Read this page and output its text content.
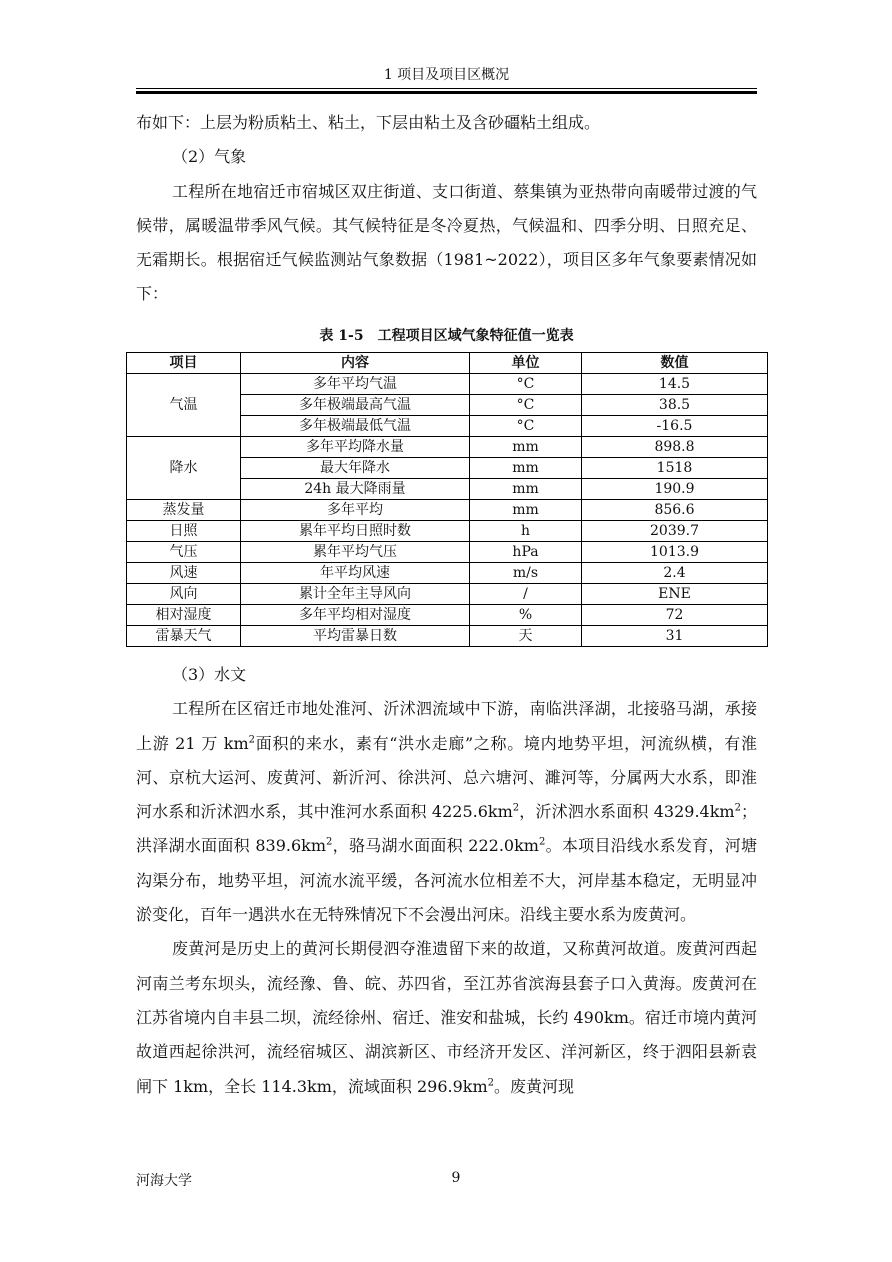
1 项目及项目区概况

布如下：上层为粉质粘土、粘土，下层由粘土及含砂礓粘土组成。

（2）气象

工程所在地宿迁市宿城区双庄街道、支口街道、蔡集镇为亚热带向南暖带过渡的气候带，属暖温带季风气候。其气候特征是冬冷夏热，气候温和、四季分明、日照充足、无霜期长。根据宿迁气候监测站气象数据（1981~2022），项目区多年气象要素情况如下：

表 1-5　工程项目区域气象特征值一览表
项目	内容	单位	数值
气温	多年平均气温	°C	14.5
	多年极端最高气温	°C	38.5
	多年极端最低气温	°C	-16.5
降水	多年平均降水量	mm	898.8
	最大年降水	mm	1518
	24h 最大降雨量	mm	190.9
蒸发量	多年平均	mm	856.6
日照	累年平均日照时数	h	2039.7
气压	累年平均气压	hPa	1013.9
风速	年平均风速	m/s	2.4
风向	累计全年主导风向	/	ENE
相对湿度	多年平均相对湿度	%	72
雷暴天气	平均雷暴日数	天	31

（3）水文

工程所在区宿迁市地处淮河、沂沭泗流域中下游，南临洪泽湖，北接骆马湖，承接上游 21 万 $km^2$面积的来水，素有“洪水走廊”之称。境内地势平坦，河流纵横，有淮河、京杭大运河、废黄河、新沂河、徐洪河、总六塘河、濉河等，分属两大水系，即淮河水系和沂沭泗水系，其中淮河水系面积 $4225.6km^2$，沂沭泗水系面积 $4329.4km^2$；洪泽湖水面面积 $839.6km^2$，骆马湖水面面积 $222.0km^2$。本项目沿线水系发育，河塘沟渠分布，地势平坦，河流水流平缓，各河流水位相差不大，河岸基本稳定，无明显冲淤变化，百年一遇洪水在无特殊情况下不会漫出河床。沿线主要水系为废黄河。

废黄河是历史上的黄河长期侵泗夺淮遗留下来的故道，又称黄河故道。废黄河西起河南兰考东坝头，流经豫、鲁、皖、苏四省，至江苏省滨海县套子口入黄海。废黄河在江苏省境内自丰县二坝，流经徐州、宿迁、淮安和盐城，长约 490km。宿迁市境内黄河故道西起徐洪河，流经宿城区、湖滨新区、市经济开发区、洋河新区，终于泗阳县新袁闸下 1km，全长 114.3km，流域面积 $296.9km^2$。废黄河现

河海大学	9
